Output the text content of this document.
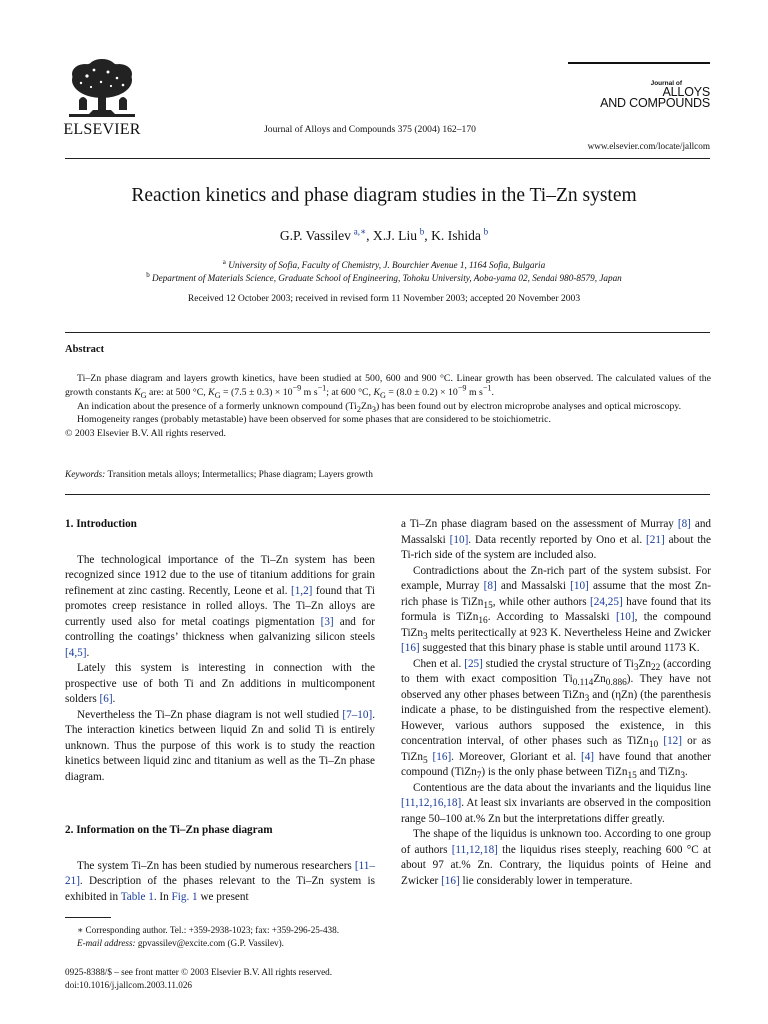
ELSEVIER	Journal of Alloys and Compounds 375 (2004) 162–170
Journal of
ALLOYS
AND COMPOUNDS
www.elsevier.com/locate/jallcom
Reaction kinetics and phase diagram studies in the Ti–Zn system
G.P. Vassilev  $^{a,∗}$, X.J. Liu  $^b$, K. Ishida  $^b$
$^a$ University of Sofia, Faculty of Chemistry, J. Bourchier Avenue 1, 1164 Sofia, Bulgaria
$^b$ Department of Materials Science, Graduate School of Engineering, Tohoku University, Aoba-yama 02, Sendai 980-8579, Japan
Received 12 October 2003; received in revised form 11 November 2003; accepted 20 November 2003
Abstract

Ti–Zn phase diagram and layers growth kinetics, have been studied at 500, 600 and 900 °C. Linear growth has been observed. The calculated values of the growth constants $K_G$ are: at 500 °C, $K_G = (7.5 \pm 0.3) \times 10^{-9}$ m $s^{-1}$; at 600 °C, $K_G = (8.0 \pm 0.2) \times 10^{-9}$ m $s^{-1}$.

An indication about the presence of a formerly unknown compound $(Ti_2Zn_3)$ has been found out by electron microprobe analyses and optical microscopy.

Homogeneity ranges (probably metastable) have been observed for some phases that are considered to be stoichiometric.

© 2003 Elsevier B.V. All rights reserved.

Keywords: Transition metals alloys; Intermetallics; Phase diagram; Layers growth
1. Introduction

The technological importance of the Ti–Zn system has been recognized since 1912 due to the use of titanium additions for grain refinement at zinc casting. Recently, Leone et al. [1,2] found that Ti promotes creep resistance in rolled alloys. The Ti–Zn alloys are currently used also for metal coatings pigmentation [3] and for controlling the coatings’ thickness when galvanizing silicon steels [4,5].

Lately this system is interesting in connection with the prospective use of both Ti and Zn additions in multicomponent solders [6].

Nevertheless the Ti–Zn phase diagram is not well studied [7–10]. The interaction kinetics between liquid Zn and solid Ti is entirely unknown. Thus the purpose of this work is to study the reaction kinetics between liquid zinc and titanium as well as the Ti–Zn phase diagram.

2. Information on the Ti–Zn phase diagram

The system Ti–Zn has been studied by numerous researchers [11–21]. Description of the phases relevant to the Ti–Zn system is exhibited in Table 1. In Fig. 1 we present

a Ti–Zn phase diagram based on the assessment of Murray [8] and Massalski [10]. Data recently reported by Ono et al. [21] about the Ti-rich side of the system are included also.

Contradictions about the Zn-rich part of the system subsist. For example, Murray [8] and Massalski [10] assume that the most Zn-rich phase is TiZn$_{15}$, while other authors [24,25] have found that its formula is TiZn$_{16}$. According to Massalski [10], the compound TiZn$_3$ melts peritectically at 923 K. Nevertheless Heine and Zwicker [16] suggested that this binary phase is stable until around 1173 K.

Chen et al. [25] studied the crystal structure of $Ti_3Zn_{22}$ (according to them with exact composition $Ti_{0.114}Zn_{0.886}$). They have not observed any other phases between TiZn$_3$ and (ηZn) (the parenthesis indicate a phase, to be distinguished from the respective element). However, various authors supposed the existence, in this concentration interval, of other phases such as TiZn$_{10}$ [12] or as TiZn$_5$ [16]. Moreover, Gloriant et al. [4] have found that another compound (TiZn$_7$) is the only phase between TiZn$_{15}$ and TiZn$_3$.

Contentious are the data about the invariants and the liquidus line [11,12,16,18]. At least six invariants are observed in the composition range 50–100 at.% Zn but the interpretations differ greatly.

The shape of the liquidus is unknown too. According to one group of authors [11,12,18] the liquidus rises steeply, reaching 600 °C at about 97 at.% Zn. Contrary, the liquidus points of Heine and Zwicker [16] lie considerably lower in temperature.

∗ Corresponding author. Tel.: +359-2938-1023; fax: +359-296-25-438.
E-mail address: gpvassilev@excite.com (G.P. Vassilev).
0925-8388/$ – see front matter © 2003 Elsevier B.V. All rights reserved.
doi:10.1016/j.jallcom.2003.11.026
